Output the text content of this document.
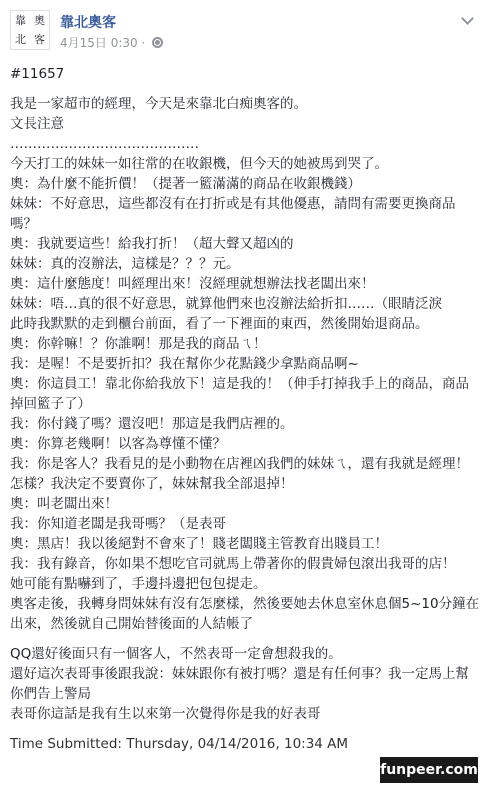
靠 奧
北 客
靠北奧客
4月15日 0:30 ·

#11657

我是一家超市的經理，今天是來靠北白痴奧客的。

文長注意

……………………………………

今天打工的妹妹一如往常的在收銀機，但今天的她被馬到哭了。

奧：為什麼不能折價！（提著一籃滿滿的商品在收銀機錢）

妹妹：不好意思，這些都沒有在打折或是有其他優惠，請問有需要更換商品嗎？

奧：我就要這些！給我打折！（超大聲又超凶的

妹妹：真的沒辦法，這樣是？？？元。

奧：這什麼態度！叫經理出來！沒經理就想辦法找老闆出來！

妹妹：唔…真的很不好意思，就算他們來也沒辦法給折扣……（眼睛泛淚

此時我默默的走到櫃台前面，看了一下裡面的東西，然後開始退商品。

奧：你幹嘛！？你誰啊！那是我的商品ㄟ！

我：是喔！不是要折扣？我在幫你少花點錢少拿點商品啊~

奧：你這員工！靠北你給我放下！這是我的！（伸手打掉我手上的商品，商品掉回籃子了）

我：你付錢了嗎？還沒吧！那這是我們店裡的。

奧：你算老幾啊！以客為尊懂不懂？

我：你是客人？我看見的是小動物在店裡凶我們的妹妹ㄟ，還有我就是經理！怎樣？我決定不要賣你了，妹妹幫我全部退掉！

奧：叫老闆出來！

我：你知道老闆是我哥嗎？（是表哥

奧：黑店！我以後絕對不會來了！賤老闆賤主管教育出賤員工！

我：我有錄音，你如果不想吃官司就馬上帶著你的假貴婦包滾出我哥的店！

她可能有點嚇到了，手邊抖邊把包包提走。

奧客走後，我轉身問妹妹有沒有怎麼樣，然後要她去休息室休息個5~10分鐘在出來，然後就自己開始替後面的人結帳了

QQ還好後面只有一個客人，不然表哥一定會想殺我的。

還好這次表哥事後跟我說：妹妹跟你有被打嗎？還是有任何事？我一定馬上幫你們告上警局

表哥你這話是我有生以來第一次覺得你是我的好表哥

Time Submitted: Thursday, 04/14/2016, 10:34 AM

funpeer.com
